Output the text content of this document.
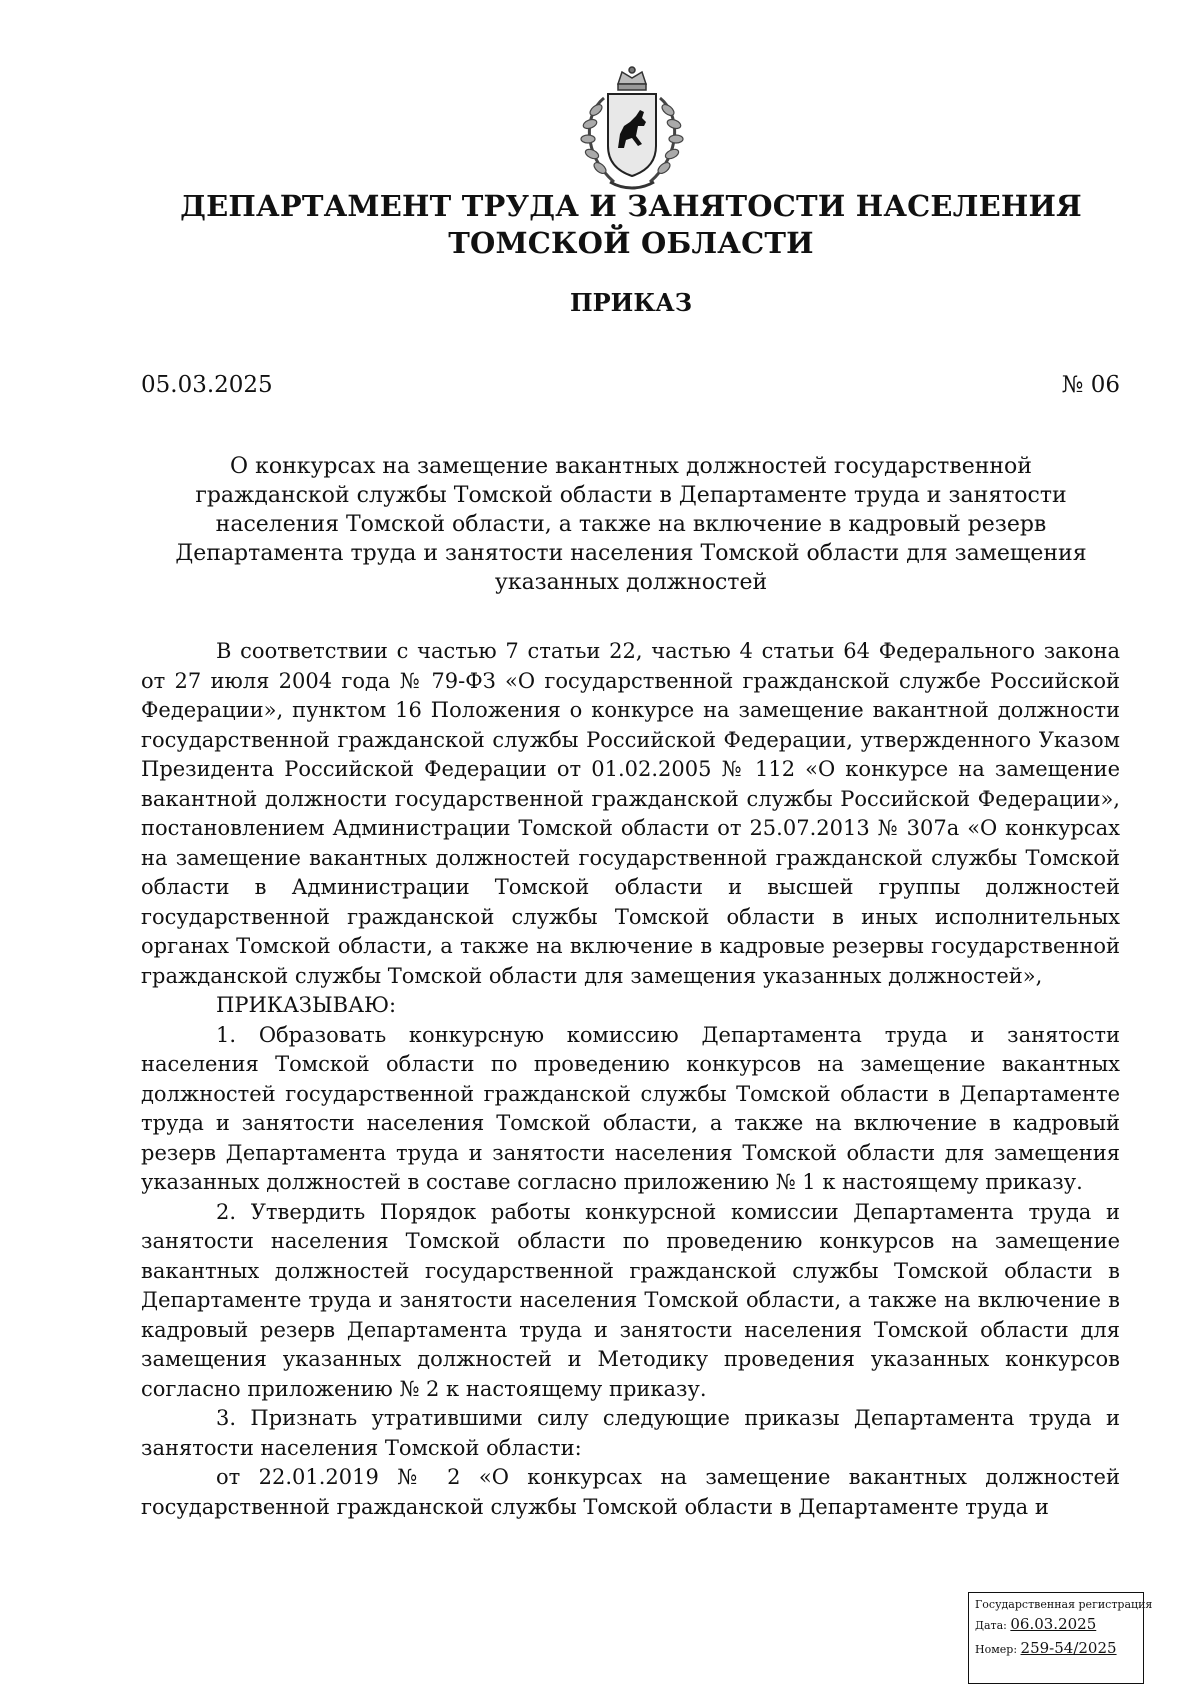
ДЕПАРТАМЕНТ ТРУДА И ЗАНЯТОСТИ НАСЕЛЕНИЯ
ТОМСКОЙ ОБЛАСТИ
ПРИКАЗ
05.03.2025	№ 06
О конкурсах на замещение вакантных должностей государственной гражданской службы Томской области в Департаменте труда и занятости населения Томской области, а также на включение в кадровый резерв Департамента труда и занятости населения Томской области для замещения указанных должностей

В соответствии с частью 7 статьи 22, частью 4 статьи 64 Федерального закона от 27 июля 2004 года № 79-ФЗ «О государственной гражданской службе Российской Федерации», пунктом 16 Положения о конкурсе на замещение вакантной должности государственной гражданской службы Российской Федерации, утвержденного Указом Президента Российской Федерации от 01.02.2005 № 112 «О конкурсе на замещение вакантной должности государственной гражданской службы Российской Федерации», постановлением Администрации Томской области от 25.07.2013 № 307а «О конкурсах на замещение вакантных должностей государственной гражданской службы Томской области в Администрации Томской области и высшей группы должностей государственной гражданской службы Томской области в иных исполнительных органах Томской области, а также на включение в кадровые резервы государственной гражданской службы Томской области для замещения указанных должностей»,

ПРИКАЗЫВАЮ:

1. Образовать конкурсную комиссию Департамента труда и занятости населения Томской области по проведению конкурсов на замещение вакантных должностей государственной гражданской службы Томской области в Департаменте труда и занятости населения Томской области, а также на включение в кадровый резерв Департамента труда и занятости населения Томской области для замещения указанных должностей в составе согласно приложению № 1 к настоящему приказу.

2. Утвердить Порядок работы конкурсной комиссии Департамента труда и занятости населения Томской области по проведению конкурсов на замещение вакантных должностей государственной гражданской службы Томской области в Департаменте труда и занятости населения Томской области, а также на включение в кадровый резерв Департамента труда и занятости населения Томской области для замещения указанных должностей и Методику проведения указанных конкурсов согласно приложению № 2 к настоящему приказу.

3. Признать утратившими силу следующие приказы Департамента труда и занятости населения Томской области:

от 22.01.2019 № 2 «О конкурсах на замещение вакантных должностей государственной гражданской службы Томской области в Департаменте труда и

Государственная регистрация
Дата: 06.03.2025
Номер: 259-54/2025
